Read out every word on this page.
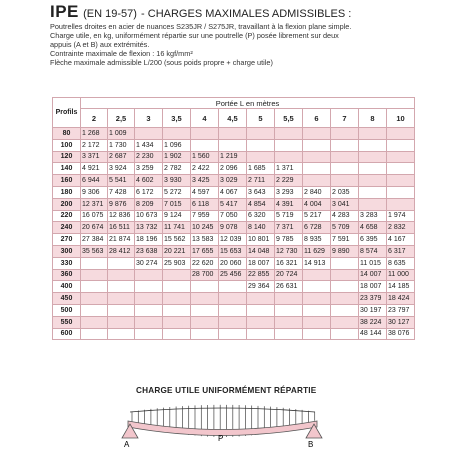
IPE (EN 19-57) - CHARGES MAXIMALES ADMISSIBLES :
Poutrelles droites en acier de nuances S235JR / S275JR, travaillant à la flexion plane simple.
Charge utile, en kg, uniformément répartie sur une poutrelle (P) posée librement sur deux
appuis (A et B) aux extrémités.
Contrainte maximale de flexion : 16 kgf/mm²
Flèche maximale admissible L/200 (sous poids propre + charge utile)
Profils	Portée L en mètres											
	2	2,5	3	3,5	4	4,5	5	5,5	6	7	8	10
80	1 268	1 009										
100	2 172	1 730	1 434	1 096								
120	3 371	2 687	2 230	1 902	1 560	1 219						
140	4 921	3 924	3 259	2 782	2 422	2 096	1 685	1 371				
160	6 944	5 541	4 602	3 930	3 425	3 029	2 711	2 229				
180	9 306	7 428	6 172	5 272	4 597	4 067	3 643	3 293	2 840	2 035		
200	12 371	9 876	8 209	7 015	6 118	5 417	4 854	4 391	4 004	3 041		
220	16 075	12 836	10 673	9 124	7 959	7 050	6 320	5 719	5 217	4 283	3 283	1 974
240	20 674	16 511	13 732	11 741	10 245	9 078	8 140	7 371	6 728	5 709	4 658	2 832
270	27 384	21 874	18 196	15 562	13 583	12 039	10 801	9 785	8 935	7 591	6 395	4 167
300	35 563	28 412	23 638	20 221	17 655	15 653	14 048	12 730	11 629	9 890	8 574	6 317
330			30 274	25 903	22 620	20 060	18 007	16 321	14 913		11 015	8 635
360					28 700	25 456	22 855	20 724			14 007	11 000
400							29 364	26 631			18 007	14 185
450											23 379	18 424
500											30 197	23 797
550											38 224	30 127
600											48 144	38 076
CHARGE UTILE UNIFORMÉMENT RÉPARTIE
A	B
P
